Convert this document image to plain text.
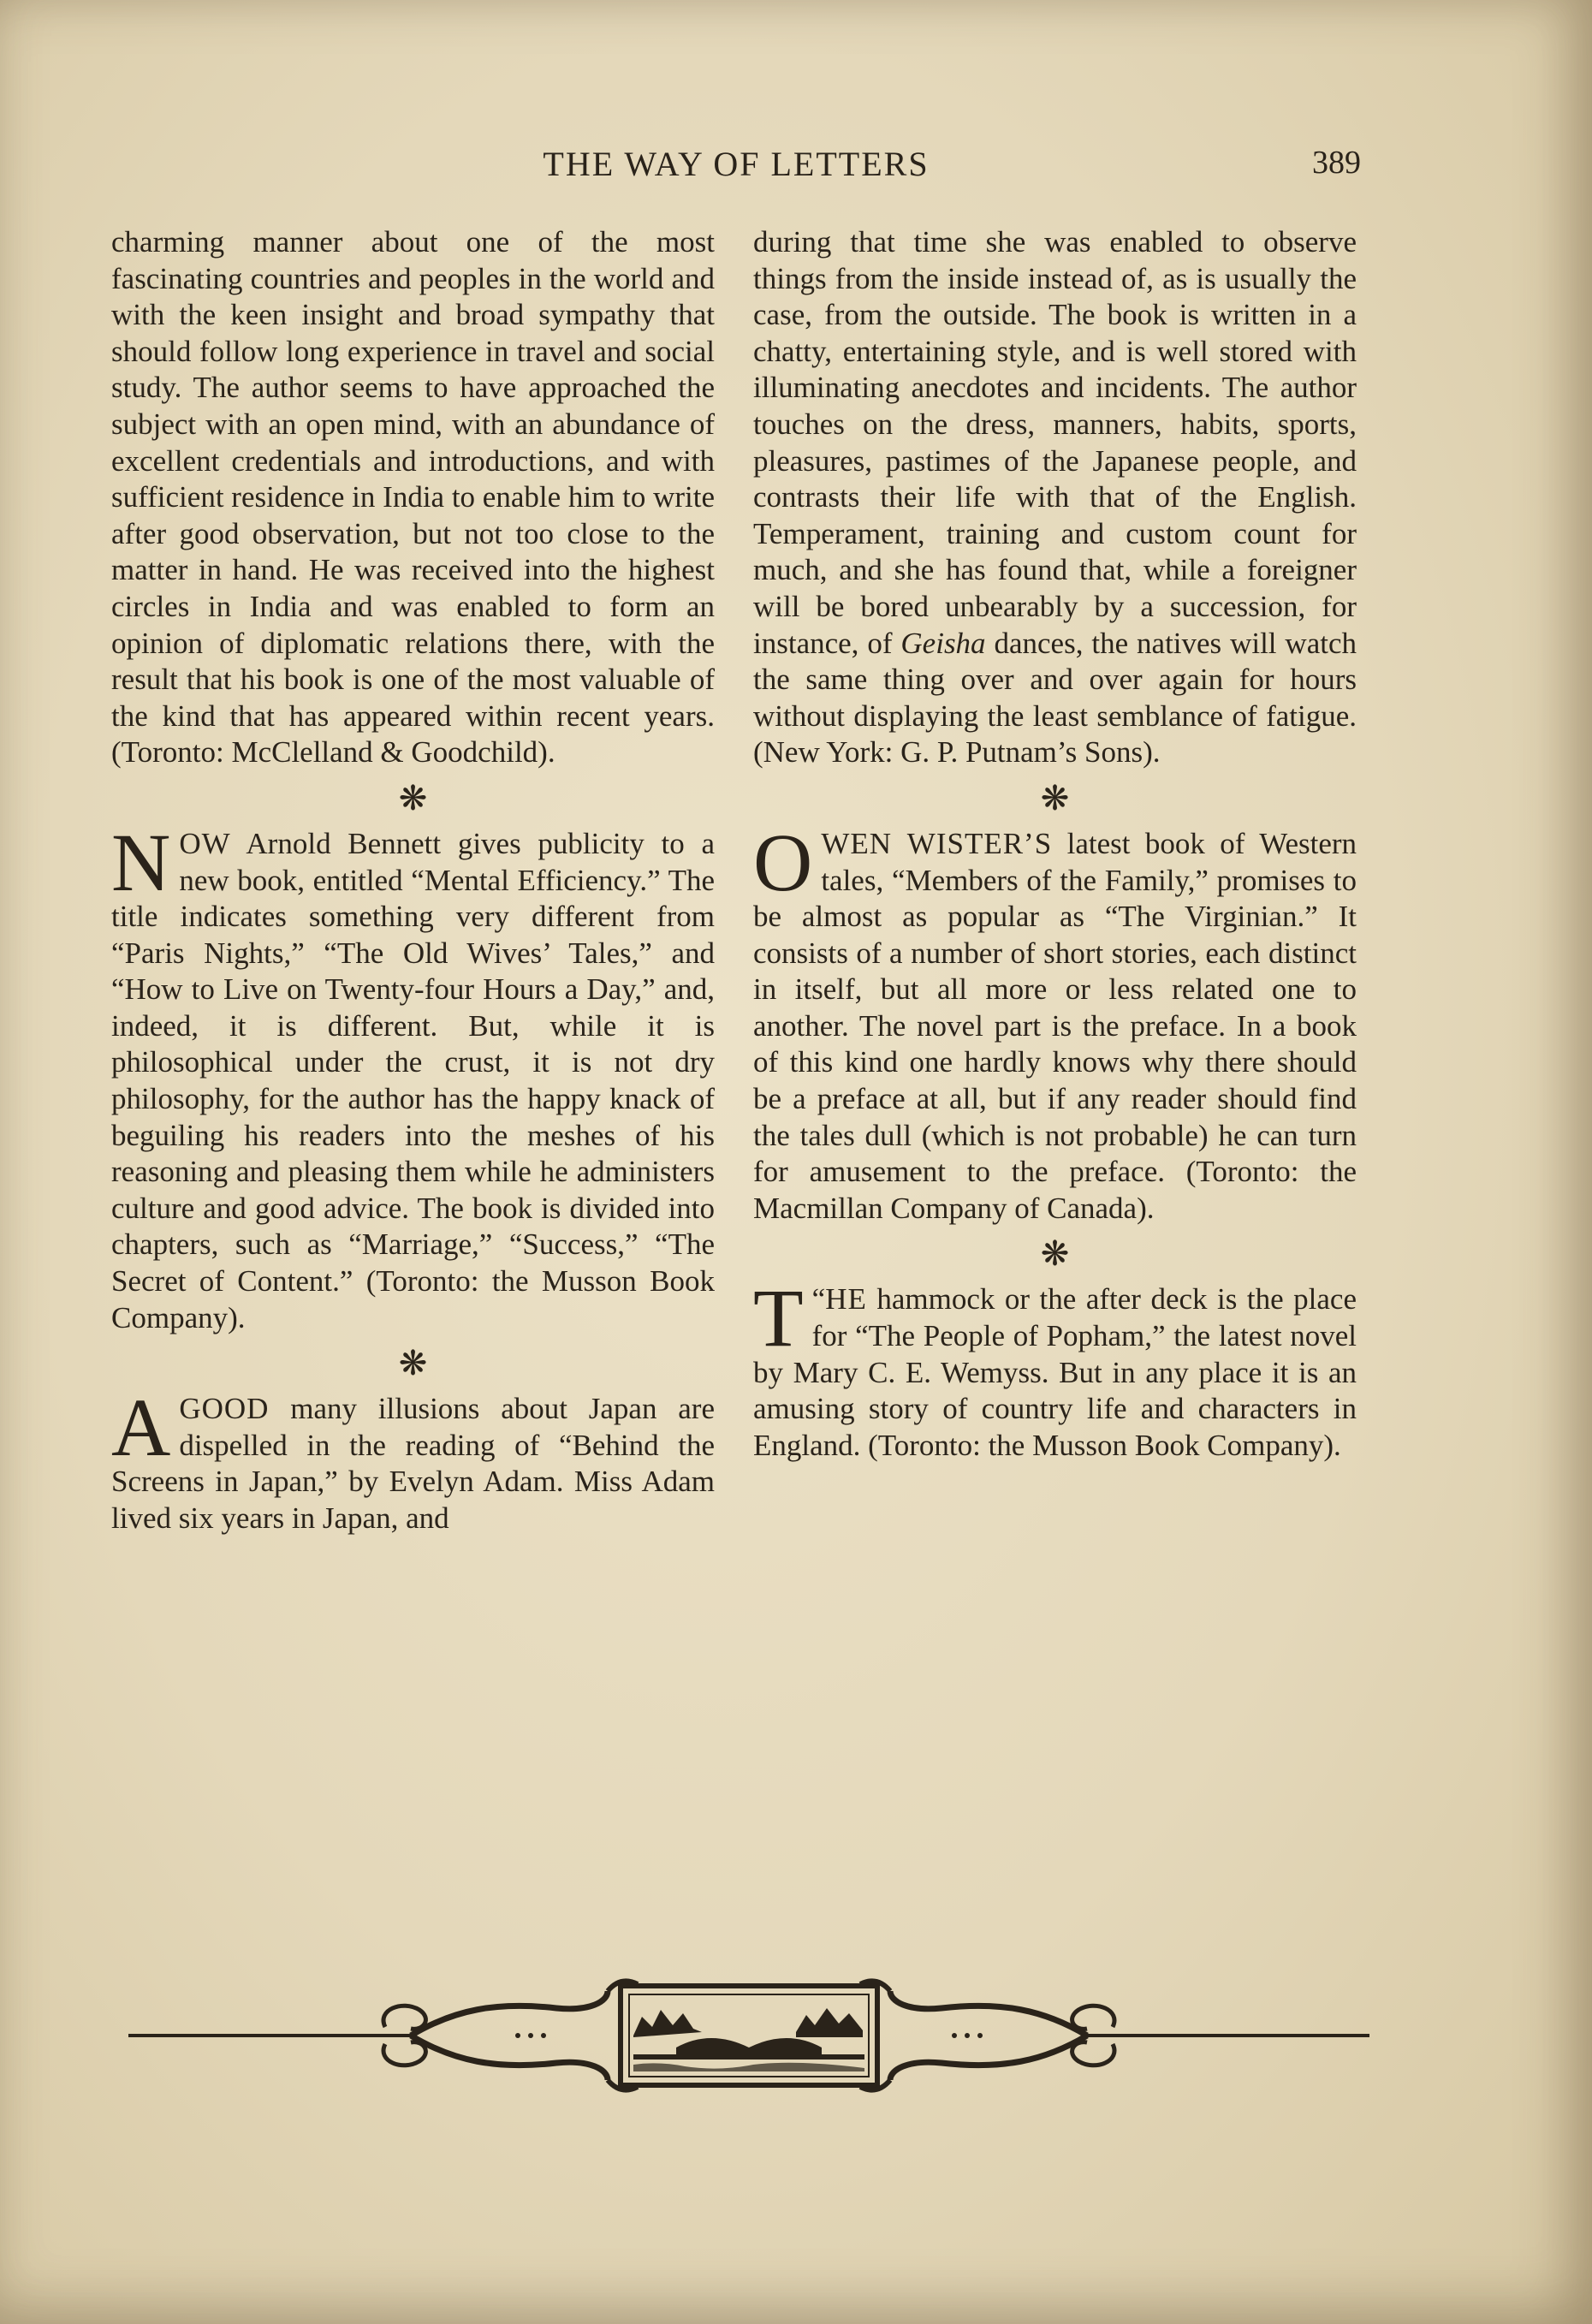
THE WAY OF LETTERS	389

charming manner about one of the most fascinating countries and peoples in the world and with the keen insight and broad sympathy that should follow long experience in travel and social study. The author seems to have approached the subject with an open mind, with an abundance of excellent credentials and introductions, and with sufficient residence in India to enable him to write after good observation, but not too close to the matter in hand. He was received into the highest circles in India and was enabled to form an opinion of diplomatic relations there, with the result that his book is one of the most valuable of the kind that has appeared within recent years. (Toronto: McClelland & Goodchild).

❋

NOW Arnold Bennett gives publicity to a new book, entitled “Mental Efficiency.” The title indicates something very different from “Paris Nights,” “The Old Wives’ Tales,” and “How to Live on Twenty-four Hours a Day,” and, indeed, it is different. But, while it is philosophical under the crust, it is not dry philosophy, for the author has the happy knack of beguiling his readers into the meshes of his reasoning and pleasing them while he administers culture and good advice. The book is divided into chapters, such as “Marriage,” “Success,” “The Secret of Content.” (Toronto: the Musson Book Company).

❋

AGOOD many illusions about Japan are dispelled in the reading of “Behind the Screens in Japan,” by Evelyn Adam. Miss Adam lived six years in Japan, and

during that time she was enabled to observe things from the inside instead of, as is usually the case, from the outside. The book is written in a chatty, entertaining style, and is well stored with illuminating anecdotes and incidents. The author touches on the dress, manners, habits, sports, pleasures, pastimes of the Japanese people, and contrasts their life with that of the English. Temperament, training and custom count for much, and she has found that, while a foreigner will be bored unbearably by a succession, for instance, of Geisha dances, the natives will watch the same thing over and over again for hours without displaying the least semblance of fatigue. (New York: G. P. Putnam’s Sons).

❋

OWEN WISTER’S latest book of Western tales, “Members of the Family,” promises to be almost as popular as “The Virginian.” It consists of a number of short stories, each distinct in itself, but all more or less related one to another. The novel part is the preface. In a book of this kind one hardly knows why there should be a preface at all, but if any reader should find the tales dull (which is not probable) he can turn for amusement to the preface. (Toronto: the Macmillan Company of Canada).

❋

“
T HE hammock or the after deck is the place for “The People of Popham,” the latest novel by Mary C. E. Wemyss. But in any place it is an amusing story of country life and characters in England. (Toronto: the Musson Book Company).
